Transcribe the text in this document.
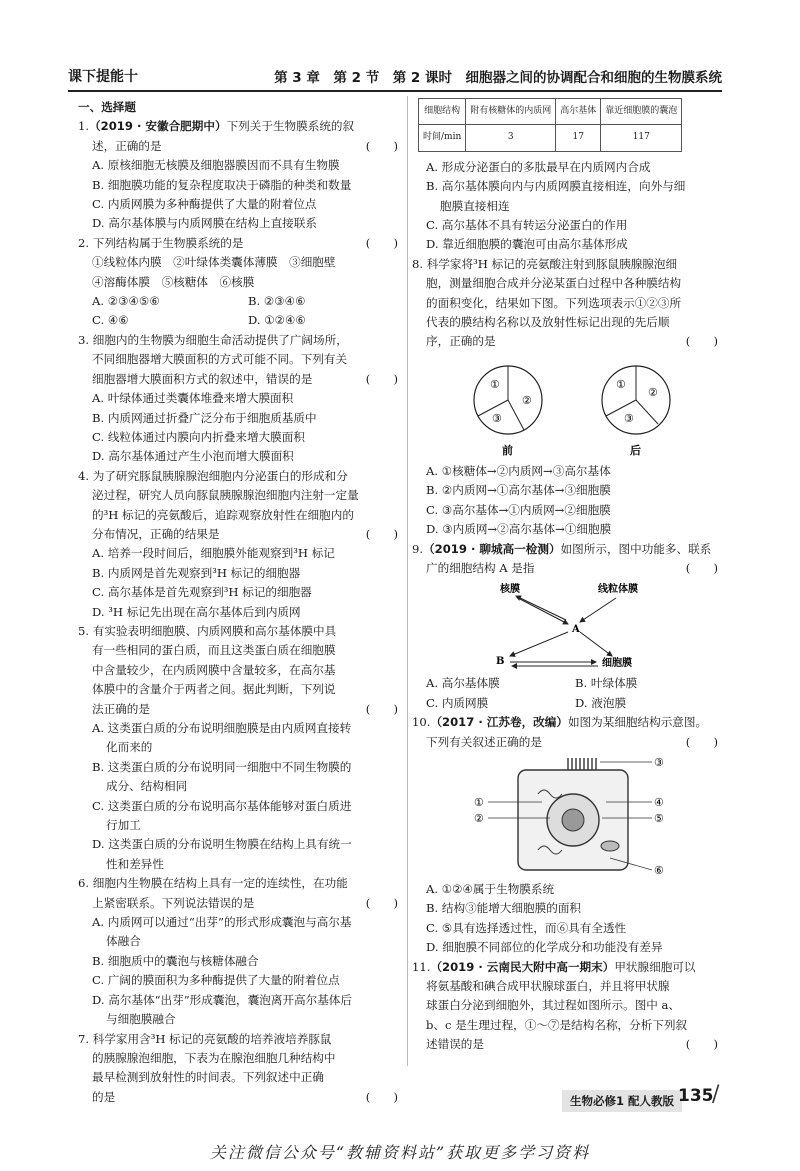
课下提能十	第 3 章　第 2 节　第 2 课时　细胞器之间的协调配合和细胞的生物膜系统
一、选择题
1.（2019 · 安徽合肥期中）下列关于生物膜系统的叙
述，正确的是	(　　)
A. 原核细胞无核膜及细胞器膜因而不具有生物膜
B. 细胞膜功能的复杂程度取决于磷脂的种类和数量
C. 内质网膜为多种酶提供了大量的附着位点
D. 高尔基体膜与内质网膜在结构上直接联系
2. 下列结构属于生物膜系统的是	(　　)
①线粒体内膜　②叶绿体类囊体薄膜　③细胞壁
④溶酶体膜　⑤核糖体　⑥核膜
A. ②③④⑤⑥	B. ②③④⑥
C. ④⑥	D. ①②④⑥
3. 细胞内的生物膜为细胞生命活动提供了广阔场所，
不同细胞器增大膜面积的方式可能不同。下列有关
细胞器增大膜面积方式的叙述中，错误的是	(　　)
A. 叶绿体通过类囊体堆叠来增大膜面积
B. 内质网通过折叠广泛分布于细胞质基质中
C. 线粒体通过内膜向内折叠来增大膜面积
D. 高尔基体通过产生小泡而增大膜面积
4. 为了研究豚鼠胰腺腺泡细胞内分泌蛋白的形成和分
泌过程，研究人员向豚鼠胰腺腺泡细胞内注射一定量
的³H 标记的亮氨酸后，追踪观察放射性在细胞内的
分布情况，正确的结果是	(　　)
A. 培养一段时间后，细胞膜外能观察到³H 标记
B. 内质网是首先观察到³H 标记的细胞器
C. 高尔基体是首先观察到³H 标记的细胞器
D. ³H 标记先出现在高尔基体后到内质网
5. 有实验表明细胞膜、内质网膜和高尔基体膜中具
有一些相同的蛋白质，而且这类蛋白质在细胞膜
中含量较少，在内质网膜中含量较多，在高尔基
体膜中的含量介于两者之间。据此判断，下列说
法正确的是	(　　)
A. 这类蛋白质的分布说明细胞膜是由内质网直接转
化而来的
B. 这类蛋白质的分布说明同一细胞中不同生物膜的
成分、结构相同
C. 这类蛋白质的分布说明高尔基体能够对蛋白质进
行加工
D. 这类蛋白质的分布说明生物膜在结构上具有统一
性和差异性
6. 细胞内生物膜在结构上具有一定的连续性，在功能
上紧密联系。下列说法错误的是	(　　)
A. 内质网可以通过“出芽”的形式形成囊泡与高尔基
体融合
B. 细胞质中的囊泡与核糖体融合
C. 广阔的膜面积为多种酶提供了大量的附着位点
D. 高尔基体“出芽”形成囊泡，囊泡离开高尔基体后
与细胞膜融合
7. 科学家用含³H 标记的亮氨酸的培养液培养豚鼠
的胰腺腺泡细胞，下表为在腺泡细胞几种结构中
最早检测到放射性的时间表。下列叙述中正确
的是	(　　)
细胞结构	附有核糖体的内质网	高尔基体	靠近细胞膜的囊泡
时间/min	3	17	117
A. 形成分泌蛋白的多肽最早在内质网内合成
B. 高尔基体膜向内与内质网膜直接相连，向外与细
胞膜直接相连
C. 高尔基体不具有转运分泌蛋白的作用
D. 靠近细胞膜的囊泡可由高尔基体形成
8. 科学家将³H 标记的亮氨酸注射到豚鼠胰腺腺泡细
胞，测量细胞合成并分泌某蛋白过程中各种膜结构
的面积变化，结果如下图。下列选项表示①②③所
代表的膜结构名称以及放射性标记出现的先后顺
序，正确的是	(　　)
①
②
③
前
①
②
③
后
A. ①核糖体→②内质网→③高尔基体
B. ②内质网→①高尔基体→③细胞膜
C. ③高尔基体→①内质网→②细胞膜
D. ③内质网→②高尔基体→①细胞膜
9.（2019 · 聊城高一检测）如图所示，图中功能多、联系
广的细胞结构 A 是指	(　　)
核膜	线粒体膜
A
B	细胞膜
A. 高尔基体膜	B. 叶绿体膜
C. 内质网膜	D. 液泡膜
10.（2017 · 江苏卷，改编）如图为某细胞结构示意图。
下列有关叙述正确的是	(　　)
③
④
⑤
⑥
①
②
A. ①②④属于生物膜系统
B. 结构③能增大细胞膜的面积
C. ⑤具有选择透过性，而⑥具有全透性
D. 细胞膜不同部位的化学成分和功能没有差异
11.（2019 · 云南民大附中高一期末）甲状腺细胞可以
将氨基酸和碘合成甲状腺球蛋白，并且将甲状腺
球蛋白分泌到细胞外，其过程如图所示。图中 a、
b、c 是生理过程，①～⑦是结构名称，分析下列叙
述错误的是	(　　)
生物必修1 配人教版 135
/
关注微信公众号“教辅资料站”获取更多学习资料
